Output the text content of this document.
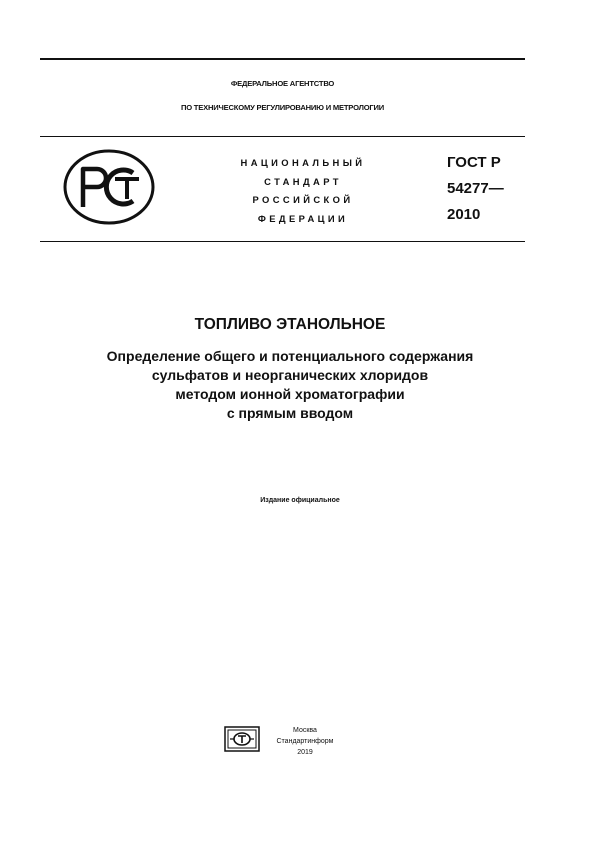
ФЕДЕРАЛЬНОЕ АГЕНТСТВО
ПО ТЕХНИЧЕСКОМУ РЕГУЛИРОВАНИЮ И МЕТРОЛОГИИ
НАЦИОНАЛЬНЫЙ
СТАНДАРТ
РОССИЙСКОЙ
ФЕДЕРАЦИИ
ГОСТ Р
54277—
2010
ТОПЛИВО ЭТАНОЛЬНОЕ
Определение общего и потенциального содержания
сульфатов и неорганических хлоридов
методом ионной хроматографии
с прямым вводом
Издание официальное
Москва
Стандартинформ
2019
